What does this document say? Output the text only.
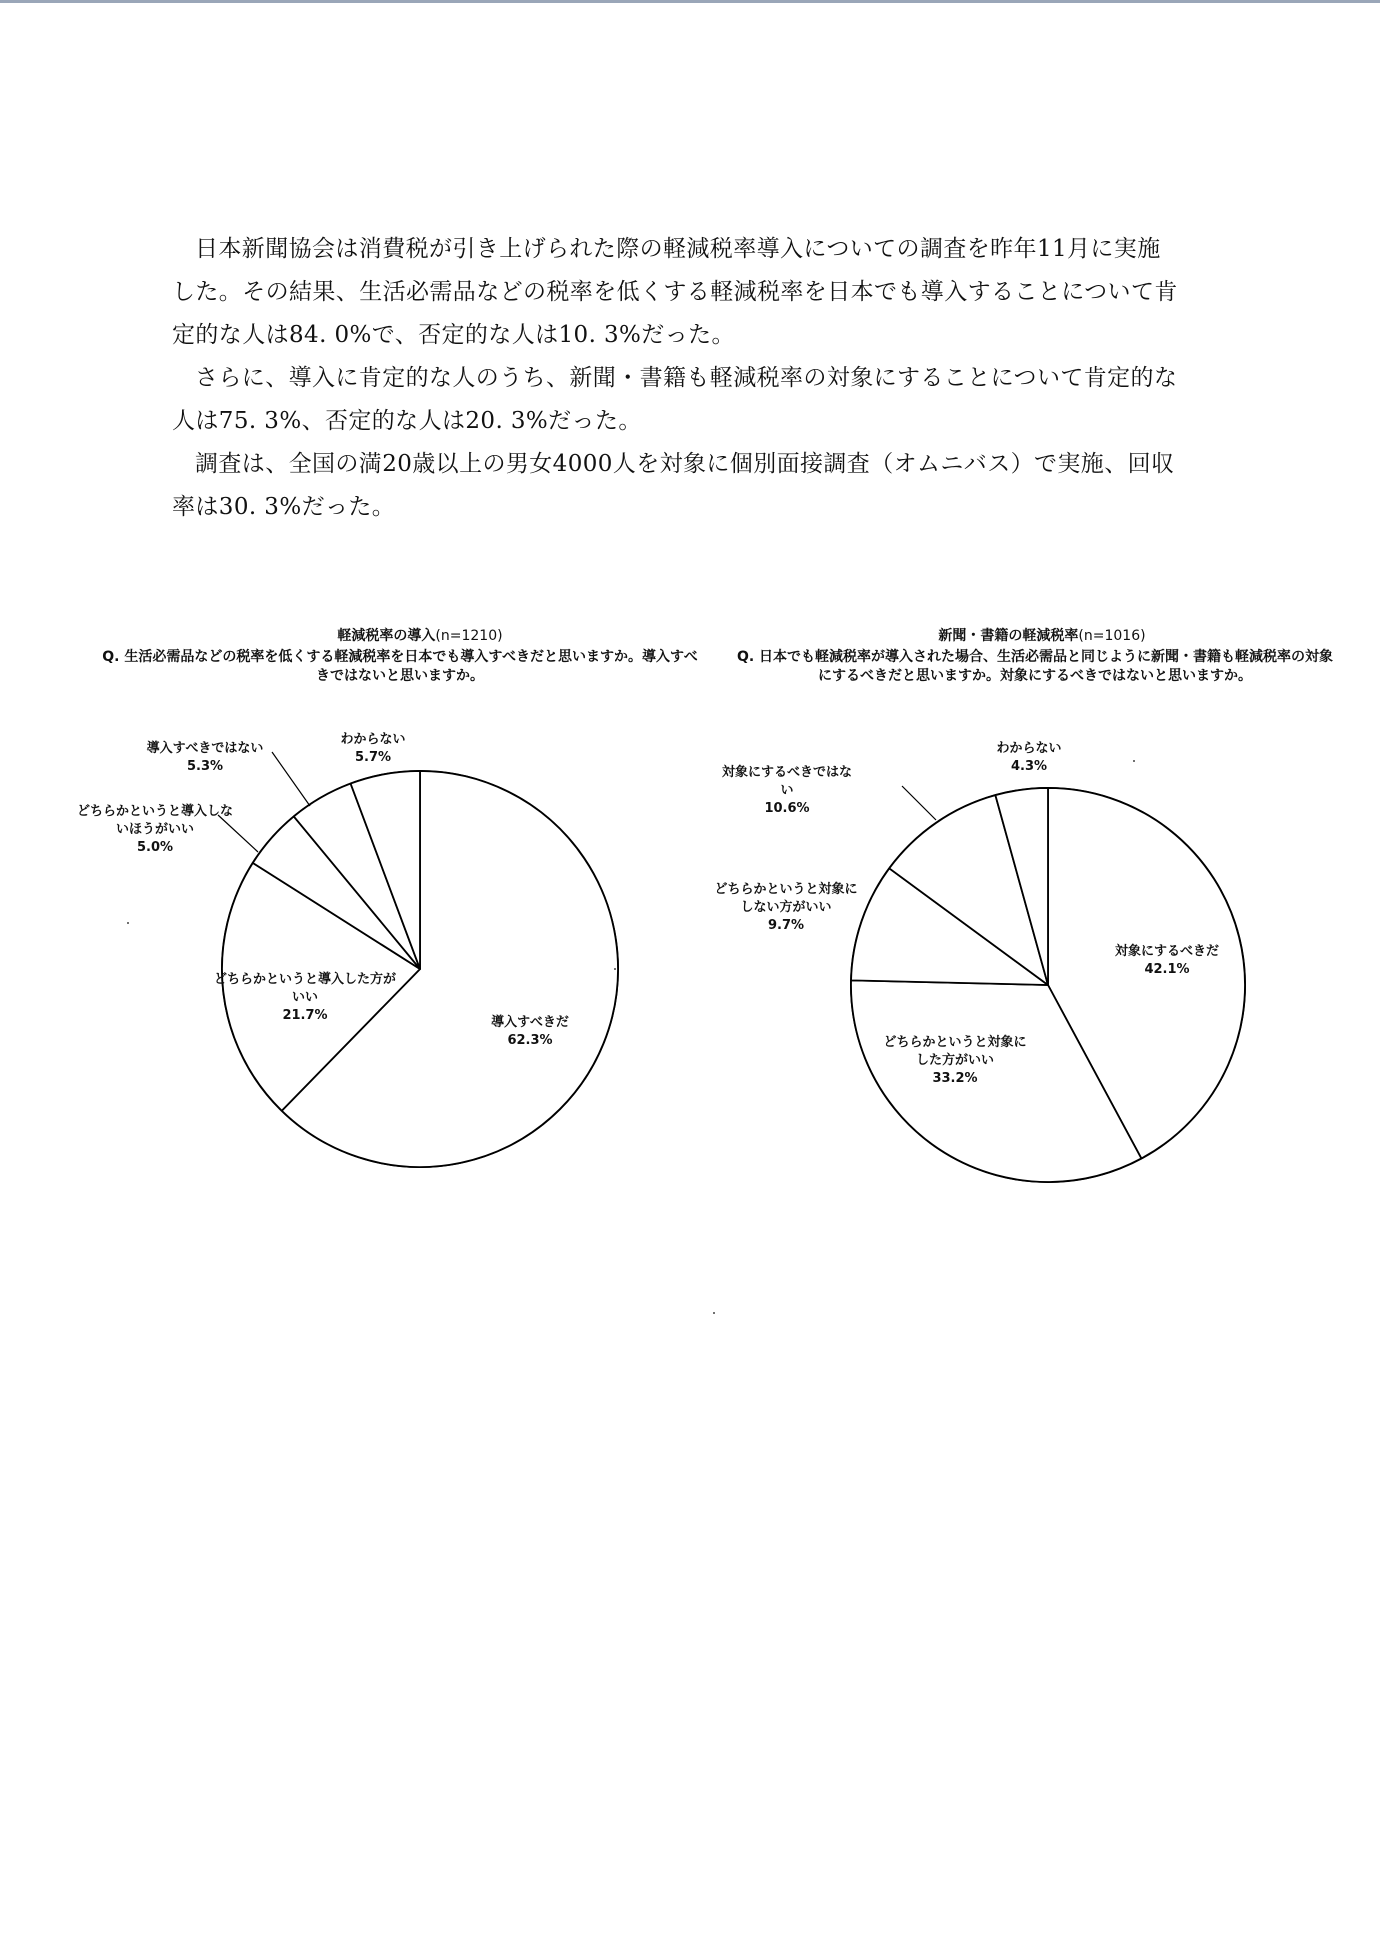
日本新聞協会は消費税が引き上げられた際の軽減税率導入についての調査を昨年11月に実施した。その結果、生活必需品などの税率を低くする軽減税率を日本でも導入することについて肯定的な人は84. 0%で、否定的な人は10. 3%だった。

さらに、導入に肯定的な人のうち、新聞・書籍も軽減税率の対象にすることについて肯定的な人は75. 3%、否定的な人は20. 3%だった。

調査は、全国の満20歳以上の男女4000人を対象に個別面接調査（オムニバス）で実施、回収率は30. 3%だった。

軽減税率の導入(n=1210)
Q. 生活必需品などの税率を低くする軽減税率を日本でも導入すべきだと思いますか。導入すべきではないと思いますか。
新聞・書籍の軽減税率(n=1016)
Q. 日本でも軽減税率が導入された場合、生活必需品と同じように新聞・書籍も軽減税率の対象にするべきだと思いますか。対象にするべきではないと思いますか。
導入すべきだ
62.3%
どちらかというと導入した方がいい
21.7%
どちらかというと導入しないほうがいい
5.0%
導入すべきではない
5.3%
わからない
5.7%
対象にするべきだ
42.1%
どちらかというと対象にした方がいい
33.2%
どちらかというと対象にしない方がいい
9.7%
対象にするべきではない
10.6%
わからない
4.3%
